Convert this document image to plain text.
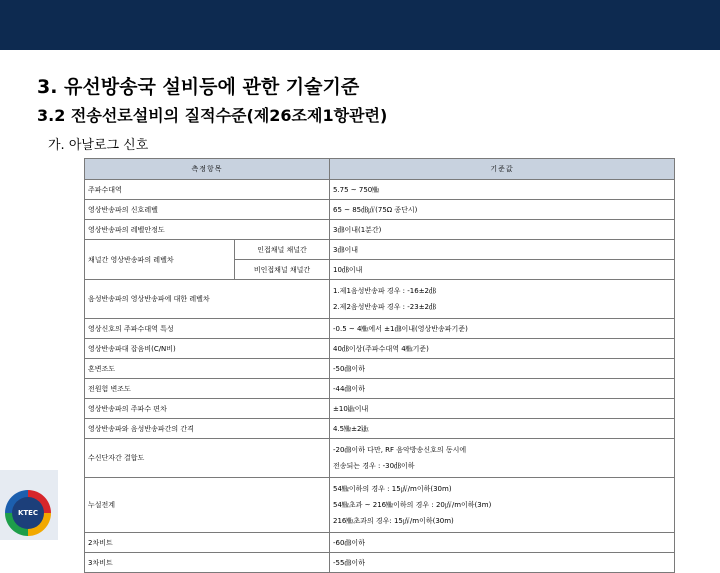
3. 유선방송국 설비등에 관한 기술기준
3.2 전송선로설비의 질적수준(제26조제1항관련)
가. 아날로그 신호
측정항목		기준값
주파수대역		5.75 ~ 750㎒
영상반송파의 신호레벨		65 ~ 85㏈㎶(75Ω 종단시)
영상반송파의 레벨안정도		3㏈이내(1분간)
채널간 영상반송파의 레벨차	인접채널 채널간	3㏈이내
	비인접채널 채널간	10㏈이내
음성반송파의 영상반송파에 대한 레벨차		1.제1음성반송파 경우 : -16±2㏈
2.제2음성반송파 경우 : -23±2㏈

영상신호의 주파수대역 특성		-0.5 ~ 4㎒에서 ±1㏈이내(영상반송파기준)
영상반송파대 잡음비(C/N비)		40㏈이상(주파수대역 4㎒기준)
혼변조도		-50㏈이하
전원험 변조도		-44㏈이하
영상반송파의 주파수 편차		±10㎑이내
영상반송파와 음성반송파간의 간격		4.5㎒±2㎑
수신단자간 결합도		-20㏈이하 다만, RF 음악방송신호의 동시에
전송되는 경우 : -30㏈이하

누설전계		54㎒이하의 경우 : 15㎶/m이하(30m)
54㎒초과 ~ 216㎒이하의 경우 : 20㎶/m이하(3m)
216㎒초과의 경우: 15㎶/m이하(30m)

2차비트		-60㏈이하
3차비트		-55㏈이하
KTEC
